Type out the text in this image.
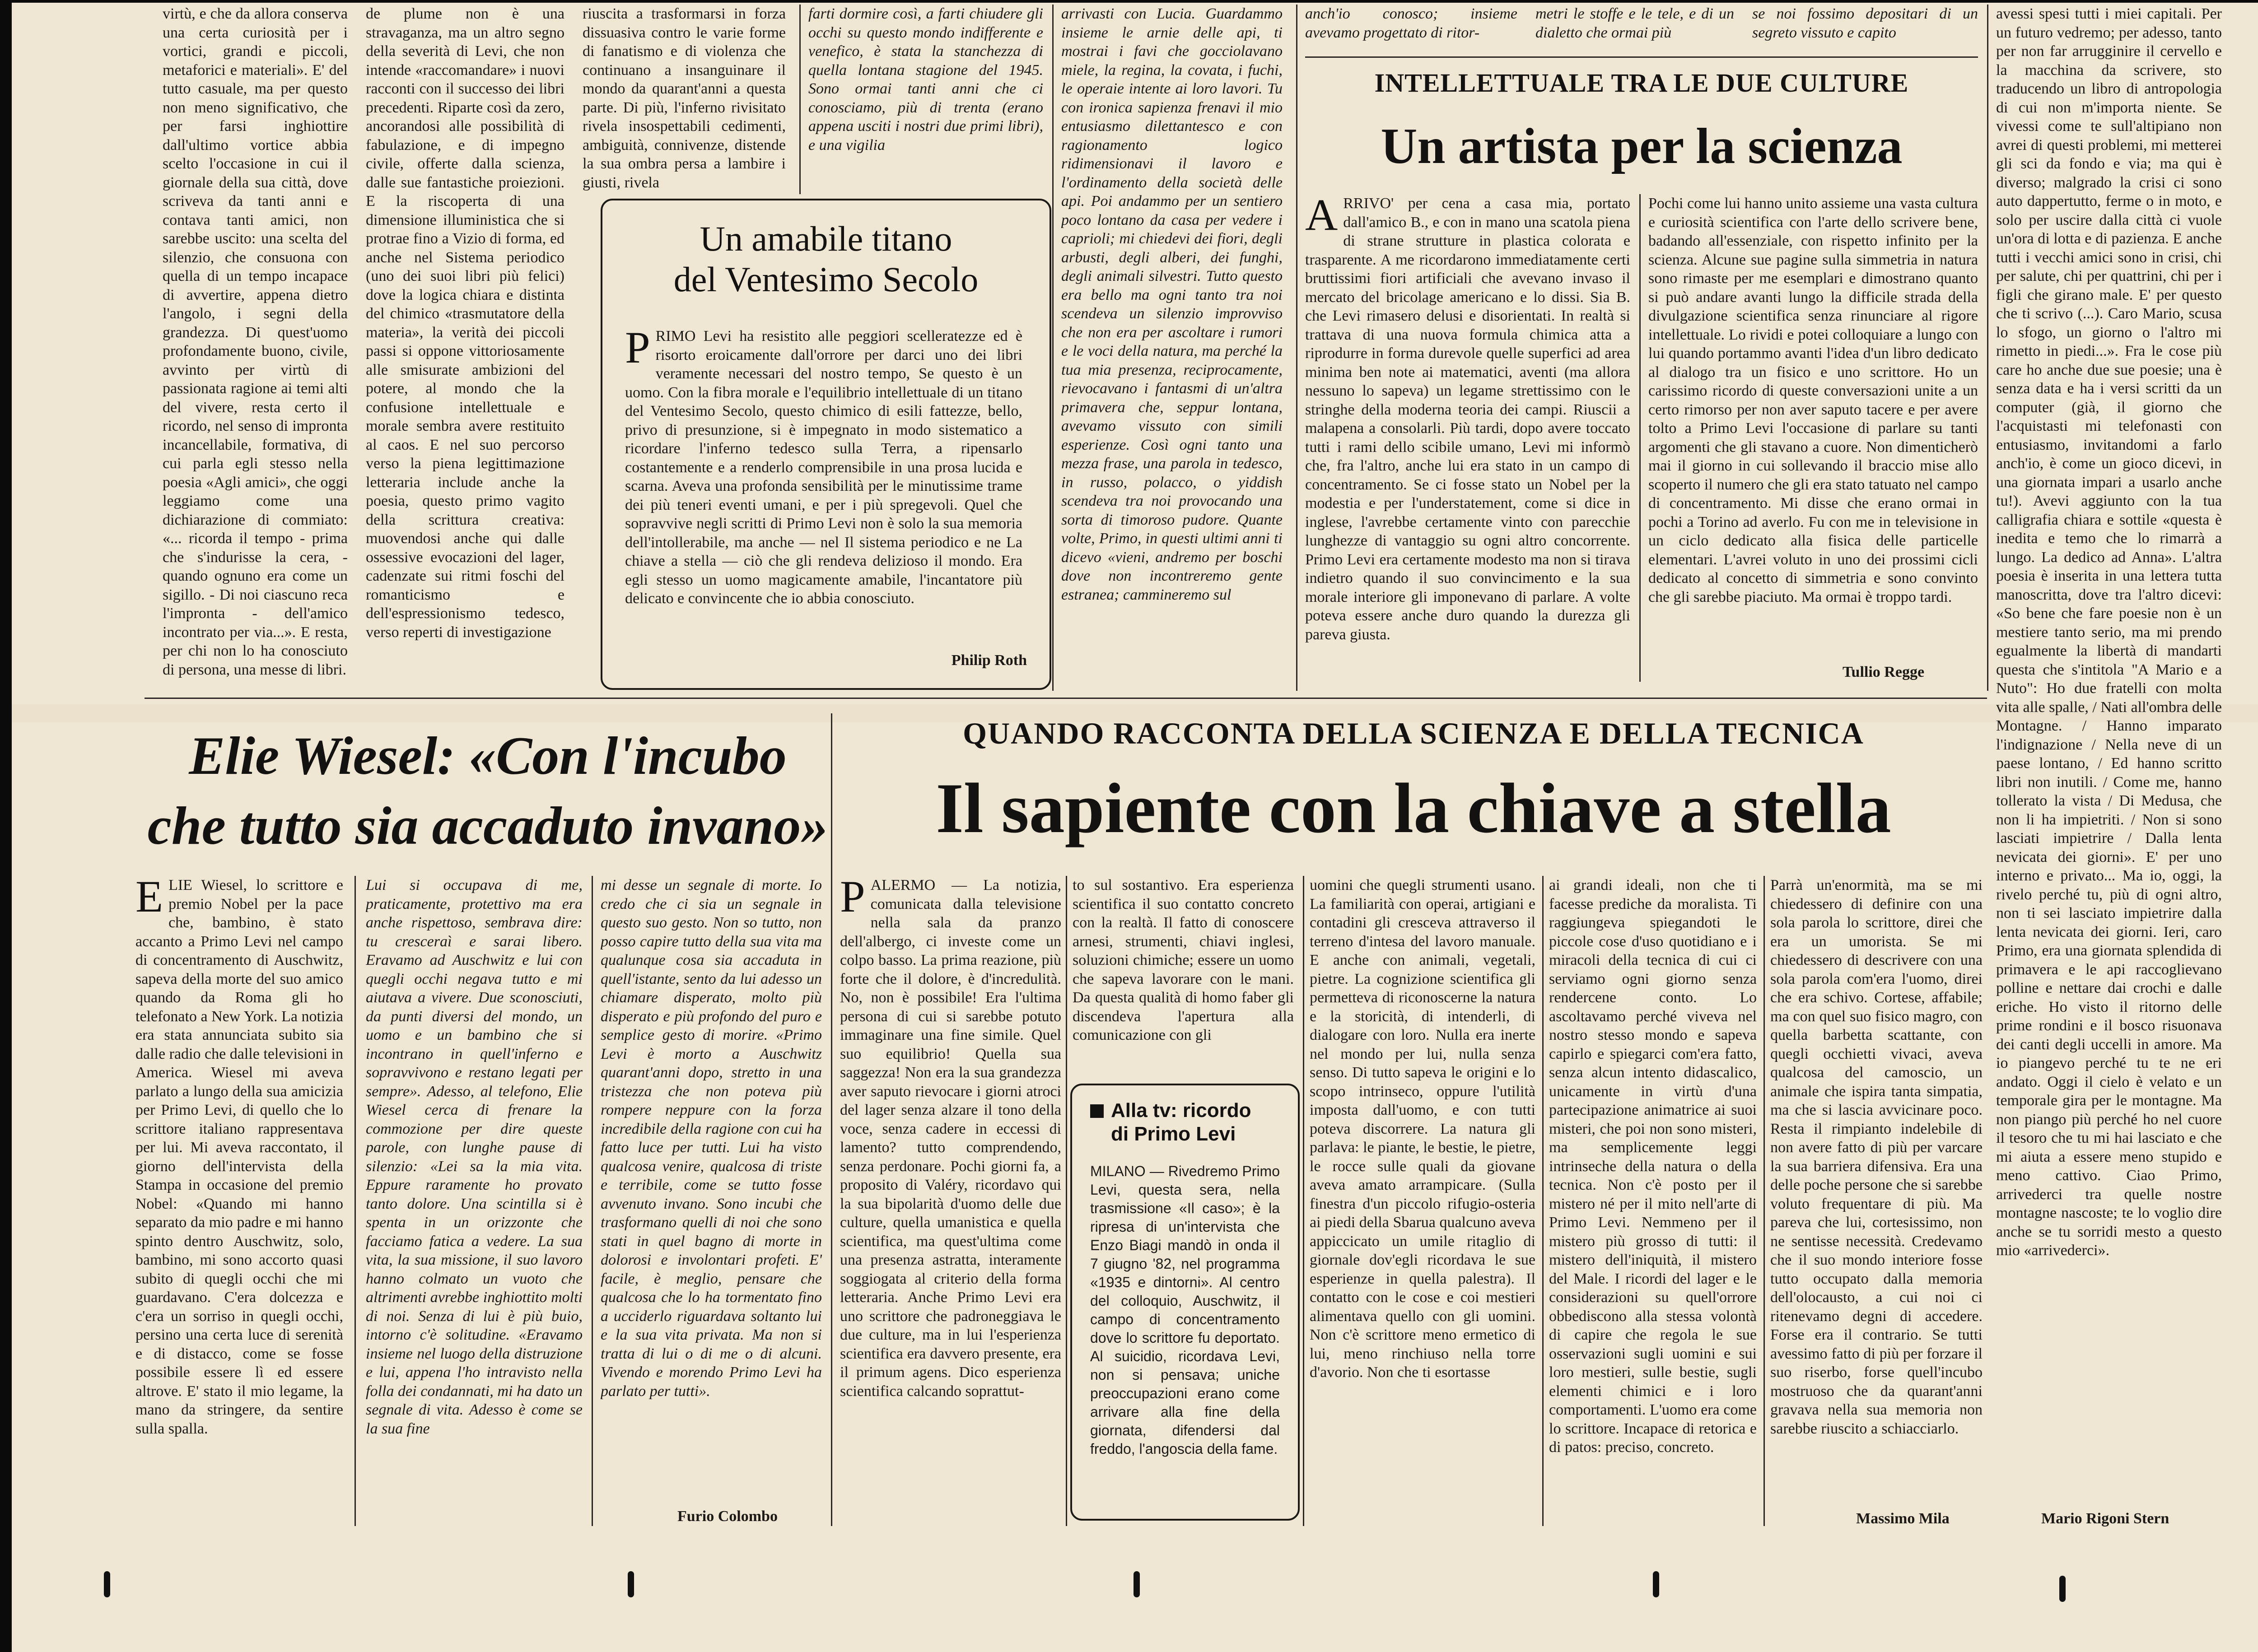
virtù, e che da allora conserva una certa curiosità per i vortici, grandi e piccoli, metaforici e materiali». E' del tutto casuale, ma per questo non meno significativo, che per farsi inghiottire dall'ultimo vortice abbia scelto l'occasione in cui il giornale della sua città, dove scriveva da tanti anni e contava tanti amici, non sarebbe uscito: una scelta del silenzio, che consuona con quella di un tempo incapace di avvertire, appena dietro l'angolo, i segni della grandezza. Di quest'uomo profondamente buono, civile, avvinto per virtù di passionata ragione ai temi alti del vivere, resta certo il ricordo, nel senso di impronta incancellabile, formativa, di cui parla egli stesso nella poesia «Agli amici», che oggi leggiamo come una dichiarazione di commiato: «... ricorda il tempo - prima che s'indurisse la cera, - quando ognuno era come un sigillo. - Di noi ciascuno reca l'impronta - dell'amico incontrato per via...». E resta, per chi non lo ha conosciuto di persona, una messe di libri.

de plume non è una stravaganza, ma un altro segno della severità di Levi, che non intende «raccomandare» i nuovi racconti con il successo dei libri precedenti. Riparte così da zero, ancorandosi alle possibilità di fabulazione, e di impegno civile, offerte dalla scienza, dalle sue fantastiche proiezioni. E la riscoperta di una dimensione illuministica che si protrae fino a Vizio di forma, ed anche nel Sistema periodico (uno dei suoi libri più felici) dove la logica chiara e distinta del chimico «trasmutatore della materia», la verità dei piccoli passi si oppone vittoriosamente alle smisurate ambizioni del potere, al mondo che la confusione intellettuale e morale sembra avere restituito al caos. E nel suo percorso verso la piena legittimazione letteraria include anche la poesia, questo primo vagito della scrittura creativa: muovendosi anche qui dalle ossessive evocazioni del lager, cadenzate sui ritmi foschi del romanticismo e dell'espressionismo tedesco, verso reperti di investigazione

riuscita a trasformarsi in forza dissuasiva contro le varie forme di fanatismo e di violenza che continuano a insanguinare il mondo da quarant'anni a questa parte. Di più, l'inferno rivisitato rivela insospettabili cedimenti, ambiguità, connivenze, distende la sua ombra persa a lambire i giusti, rivela

farti dormire così, a farti chiudere gli occhi su questo mondo indifferente e venefico, è stata la stanchezza di quella lontana stagione del 1945. Sono ormai tanti anni che ci conosciamo, più di trenta (erano appena usciti i nostri due primi libri), e una vigilia

arrivasti con Lucia. Guardammo insieme le arnie delle api, ti mostrai i favi che gocciolavano miele, la regina, la covata, i fuchi, le operaie intente ai loro lavori. Tu con ironica sapienza frenavi il mio entusiasmo dilettantesco e con ragionamento logico ridimensionavi il lavoro e l'ordinamento della società delle api. Poi andammo per un sentiero poco lontano da casa per vedere i caprioli; mi chiedevi dei fiori, degli arbusti, degli alberi, dei funghi, degli animali silvestri. Tutto questo era bello ma ogni tanto tra noi scendeva un silenzio improvviso che non era per ascoltare i rumori e le voci della natura, ma perché la tua mia presenza, reciprocamente, rievocavano i fantasmi di un'altra primavera che, seppur lontana, avevamo vissuto con simili esperienze. Così ogni tanto una mezza frase, una parola in tedesco, in russo, polacco, o yiddish scendeva tra noi provocando una sorta di timoroso pudore. Quante volte, Primo, in questi ultimi anni ti dicevo «vieni, andremo per boschi dove non incontreremo gente estranea; cammineremo sul

Un amabile titano
del Ventesimo Secolo
P RIMO Levi ha resistito alle peggiori scelleratezze ed è risorto eroicamente dall'orrore per darci uno dei libri veramente necessari del nostro tempo, Se questo è un uomo. Con la fibra morale e l'equilibrio intellettuale di un titano del Ventesimo Secolo, questo chimico di esili fattezze, bello, privo di presunzione, si è impegnato in modo sistematico a ricordare l'inferno tedesco sulla Terra, a ripensarlo costantemente e a renderlo comprensibile in una prosa lucida e scarna. Aveva una profonda sensibilità per le minutissime trame dei più teneri eventi umani, e per i più spregevoli. Quel che sopravvive negli scritti di Primo Levi non è solo la sua memoria dell'intollerabile, ma anche — nel Il sistema periodico e ne La chiave a stella — ciò che gli rendeva delizioso il mondo. Era egli stesso un uomo magicamente amabile, l'incantatore più delicato e convincente che io abbia conosciuto.

Philip Roth

anch'io conosco; insieme avevamo progettato di ritor-

metri le stoffe e le tele, e di un dialetto che ormai più

se noi fossimo depositari di un segreto vissuto e capito

INTELLETTUALE TRA LE DUE CULTURE
Un artista per la scienza
A RRIVO' per cena a casa mia, portato dall'amico B., e con in mano una scatola piena di strane strutture in plastica colorata e trasparente. A me ricordarono immediatamente certi bruttissimi fiori artificiali che avevano invaso il mercato del bricolage americano e lo dissi. Sia B. che Levi rimasero delusi e disorientati. In realtà si trattava di una nuova formula chimica atta a riprodurre in forma durevole quelle superfici ad area minima ben note ai matematici, aventi (ma allora nessuno lo sapeva) un legame strettissimo con le stringhe della moderna teoria dei campi. Riuscii a malapena a consolarli. Più tardi, dopo avere toccato tutti i rami dello scibile umano, Levi mi informò che, fra l'altro, anche lui era stato in un campo di concentramento. Se ci fosse stato un Nobel per la modestia e per l'understatement, come si dice in inglese, l'avrebbe certamente vinto con parecchie lunghezze di vantaggio su ogni altro concorrente. Primo Levi era certamente modesto ma non si tirava indietro quando il suo convincimento e la sua morale interiore gli imponevano di parlare. A volte poteva essere anche duro quando la durezza gli pareva giusta.

Pochi come lui hanno unito assieme una vasta cultura e curiosità scientifica con l'arte dello scrivere bene, badando all'essenziale, con rispetto infinito per la scienza. Alcune sue pagine sulla simmetria in natura sono rimaste per me esemplari e dimostrano quanto si può andare avanti lungo la difficile strada della divulgazione scientifica senza rinunciare al rigore intellettuale. Lo rividi e potei colloquiare a lungo con lui quando portammo avanti l'idea d'un libro dedicato al dialogo tra un fisico e uno scrittore. Ho un carissimo ricordo di queste conversazioni unite a un certo rimorso per non aver saputo tacere e per avere tolto a Primo Levi l'occasione di parlare su tanti argomenti che gli stavano a cuore. Non dimenticherò mai il giorno in cui sollevando il braccio mise allo scoperto il numero che gli era stato tatuato nel campo di concentramento. Mi disse che erano ormai in pochi a Torino ad averlo. Fu con me in televisione in un ciclo dedicato alla fisica delle particelle elementari. L'avrei voluto in uno dei prossimi cicli dedicato al concetto di simmetria e sono convinto che gli sarebbe piaciuto. Ma ormai è troppo tardi.

Tullio Regge

avessi spesi tutti i miei capitali. Per un futuro vedremo; per adesso, tanto per non far arrugginire il cervello e la macchina da scrivere, sto traducendo un libro di antropologia di cui non m'importa niente. Se vivessi come te sull'altipiano non avrei di questi problemi, mi metterei gli sci da fondo e via; ma qui è diverso; malgrado la crisi ci sono auto dappertutto, ferme o in moto, e solo per uscire dalla città ci vuole un'ora di lotta e di pazienza. E anche tutti i vecchi amici sono in crisi, chi per salute, chi per quattrini, chi per i figli che girano male. E' per questo che ti scrivo (...). Caro Mario, scusa lo sfogo, un giorno o l'altro mi rimetto in piedi...». Fra le cose più care ho anche due sue poesie; una è senza data e ha i versi scritti da un computer (già, il giorno che l'acquistasti mi telefonasti con entusiasmo, invitandomi a farlo anch'io, è come un gioco dicevi, in una giornata impari a usarlo anche tu!). Avevi aggiunto con la tua calligrafia chiara e sottile «questa è inedita e temo che lo rimarrà a lungo. La dedico ad Anna». L'altra poesia è inserita in una lettera tutta manoscritta, dove tra l'altro dicevi: «So bene che fare poesie non è un mestiere tanto serio, ma mi prendo egualmente la libertà di mandarti questa che s'intitola "A Mario e a Nuto": Ho due fratelli con molta vita alle spalle, / Nati all'ombra delle Montagne. / Hanno imparato l'indignazione / Nella neve di un paese lontano, / Ed hanno scritto libri non inutili. / Come me, hanno tollerato la vista / Di Medusa, che non li ha impietriti. / Non si sono lasciati impietrire / Dalla lenta nevicata dei giorni». E' per uno interno e privato... Ma io, oggi, la rivelo perché tu, più di ogni altro, non ti sei lasciato impietrire dalla lenta nevicata dei giorni. Ieri, caro Primo, era una giornata splendida di primavera e le api raccoglievano polline e nettare dai crochi e dalle eriche. Ho visto il ritorno delle prime rondini e il bosco risuonava dei canti degli uccelli in amore. Ma io piangevo perché tu te ne eri andato. Oggi il cielo è velato e un temporale gira per le montagne. Ma non piango più perché ho nel cuore il tesoro che tu mi hai lasciato e che mi aiuta a essere meno stupido e meno cattivo. Ciao Primo, arrivederci tra quelle nostre montagne nascoste; te lo voglio dire anche se tu sorridi mesto a questo mio «arrivederci».

Mario Rigoni Stern
Elie Wiesel: «Con l'incubo
che tutto sia accaduto invano»
QUANDO RACCONTA DELLA SCIENZA E DELLA TECNICA
Il sapiente con la chiave a stella
E LIE Wiesel, lo scrittore e premio Nobel per la pace che, bambino, è stato accanto a Primo Levi nel campo di concentramento di Auschwitz, sapeva della morte del suo amico quando da Roma gli ho telefonato a New York. La notizia era stata annunciata subito sia dalle radio che dalle televisioni in America. Wiesel mi aveva parlato a lungo della sua amicizia per Primo Levi, di quello che lo scrittore italiano rappresentava per lui. Mi aveva raccontato, il giorno dell'intervista della Stampa in occasione del premio Nobel: «Quando mi hanno separato da mio padre e mi hanno spinto dentro Auschwitz, solo, bambino, mi sono accorto quasi subito di quegli occhi che mi guardavano. C'era dolcezza e c'era un sorriso in quegli occhi, persino una certa luce di serenità e di distacco, come se fosse possibile essere lì ed essere altrove. E' stato il mio legame, la mano da stringere, da sentire sulla spalla.

Lui si occupava di me, praticamente, protettivo ma era anche rispettoso, sembrava dire: tu cresceraì e sarai libero. Eravamo ad Auschwitz e lui con quegli occhi negava tutto e mi aiutava a vivere. Due sconosciuti, da punti diversi del mondo, un uomo e un bambino che si incontrano in quell'inferno e sopravvivono e restano legati per sempre». Adesso, al telefono, Elie Wiesel cerca di frenare la commozione per dire queste parole, con lunghe pause di silenzio: «Lei sa la mia vita. Eppure raramente ho provato tanto dolore. Una scintilla si è spenta in un orizzonte che facciamo fatica a vedere. La sua vita, la sua missione, il suo lavoro hanno colmato un vuoto che altrimenti avrebbe inghiottito molti di noi. Senza di lui è più buio, intorno c'è solitudine. «Eravamo insieme nel luogo della distruzione e lui, appena l'ho intravisto nella folla dei condannati, mi ha dato un segnale di vita. Adesso è come se la sua fine

mi desse un segnale di morte. Io credo che ci sia un segnale in questo suo gesto. Non so tutto, non posso capire tutto della sua vita ma qualunque cosa sia accaduta in quell'istante, sento da lui adesso un chiamare disperato, molto più disperato e più profondo del puro e semplice gesto di morire. «Primo Levi è morto a Auschwitz quarant'anni dopo, stretto in una tristezza che non poteva più rompere neppure con la forza incredibile della ragione con cui ha fatto luce per tutti. Lui ha visto qualcosa venire, qualcosa di triste e terribile, come se tutto fosse avvenuto invano. Sono incubi che trasformano quelli di noi che sono stati in quel bagno di morte in dolorosi e involontari profeti. E' facile, è meglio, pensare che qualcosa che lo ha tormentato fino a ucciderlo riguardava soltanto lui e la sua vita privata. Ma non si tratta di lui o di me o di alcuni. Vivendo e morendo Primo Levi ha parlato per tutti».

Furio Colombo
P ALERMO — La notizia, comunicata dalla televisione nella sala da pranzo dell'albergo, ci investe come un colpo basso. La prima reazione, più forte che il dolore, è d'incredulità. No, non è possibile! Era l'ultima persona di cui si sarebbe potuto immaginare una fine simile. Quel suo equilibrio! Quella sua saggezza! Non era la sua grandezza aver saputo rievocare i giorni atroci del lager senza alzare il tono della voce, senza cadere in eccessi di lamento? tutto comprendendo, senza perdonare. Pochi giorni fa, a proposito di Valéry, ricordavo qui la sua bipolarità d'uomo delle due culture, quella umanistica e quella scientifica, ma quest'ultima come una presenza astratta, interamente soggiogata al criterio della forma letteraria. Anche Primo Levi era uno scrittore che padroneggiava le due culture, ma in lui l'esperienza scientifica era davvero presente, era il primum agens. Dico esperienza scientifica calcando soprattut-

to sul sostantivo. Era esperienza scientifica il suo contatto concreto con la realtà. Il fatto di conoscere arnesi, strumenti, chiavi inglesi, soluzioni chimiche; essere un uomo che sapeva lavorare con le mani. Da questa qualità di homo faber gli discendeva l'apertura alla comunicazione con gli

Alla tv: ricordo
di Primo Levi

MILANO — Rivedremo Primo Levi, questa sera, nella trasmissione «Il caso»; è la ripresa di un'intervista che Enzo Biagi mandò in onda il 7 giugno '82, nel programma «1935 e dintorni». Al centro del colloquio, Auschwitz, il campo di concentramento dove lo scrittore fu deportato. Al suicidio, ricordava Levi, non si pensava; uniche preoccupazioni erano come arrivare alla fine della giornata, difendersi dal freddo, l'angoscia della fame.

uomini che quegli strumenti usano. La familiarità con operai, artigiani e contadini gli cresceva attraverso il terreno d'intesa del lavoro manuale. E anche con animali, vegetali, pietre. La cognizione scientifica gli permetteva di riconoscerne la natura e la storicità, di intenderli, di dialogare con loro. Nulla era inerte nel mondo per lui, nulla senza senso. Di tutto sapeva le origini e lo scopo intrinseco, oppure l'utilità imposta dall'uomo, e con tutti poteva discorrere. La natura gli parlava: le piante, le bestie, le pietre, le rocce sulle quali da giovane aveva amato arrampicare. (Sulla finestra d'un piccolo rifugio-osteria ai piedi della Sbarua qualcuno aveva appiccicato un umile ritaglio di giornale dov'egli ricordava le sue esperienze in quella palestra). Il contatto con le cose e coi mestieri alimentava quello con gli uomini. Non c'è scrittore meno ermetico di lui, meno rinchiuso nella torre d'avorio. Non che ti esortasse

ai grandi ideali, non che ti facesse prediche da moralista. Ti raggiungeva spiegandoti le piccole cose d'uso quotidiano e i miracoli della tecnica di cui ci serviamo ogni giorno senza rendercene conto. Lo ascoltavamo perché viveva nel nostro stesso mondo e sapeva capirlo e spiegarci com'era fatto, senza alcun intento didascalico, unicamente in virtù d'una partecipazione animatrice ai suoi misteri, che poi non sono misteri, ma semplicemente leggi intrinseche della natura o della tecnica. Non c'è posto per il mistero né per il mito nell'arte di Primo Levi. Nemmeno per il mistero più grosso di tutti: il mistero dell'iniquità, il mistero del Male. I ricordi del lager e le considerazioni su quell'orrore obbediscono alla stessa volontà di capire che regola le sue osservazioni sugli uomini e sui loro mestieri, sulle bestie, sugli elementi chimici e i loro comportamenti. L'uomo era come lo scrittore. Incapace di retorica e di patos: preciso, concreto.

Parrà un'enormità, ma se mi chiedessero di definire con una sola parola lo scrittore, direi che era un umorista. Se mi chiedessero di descrivere con una sola parola com'era l'uomo, direi che era schivo. Cortese, affabile; ma con quel suo fisico magro, con quella barbetta scattante, con quegli occhietti vivaci, aveva qualcosa del camoscio, un animale che ispira tanta simpatia, ma che si lascia avvicinare poco. Resta il rimpianto indelebile di non avere fatto di più per varcare la sua barriera difensiva. Era una delle poche persone che si sarebbe voluto frequentare di più. Ma pareva che lui, cortesissimo, non ne sentisse necessità. Credevamo che il suo mondo interiore fosse tutto occupato dalla memoria dell'olocausto, a cui noi ci ritenevamo degni di accedere. Forse era il contrario. Se tutti avessimo fatto di più per forzare il suo riserbo, forse quell'incubo mostruoso che da quarant'anni gravava nella sua memoria non sarebbe riuscito a schiacciarlo.

Massimo Mila
